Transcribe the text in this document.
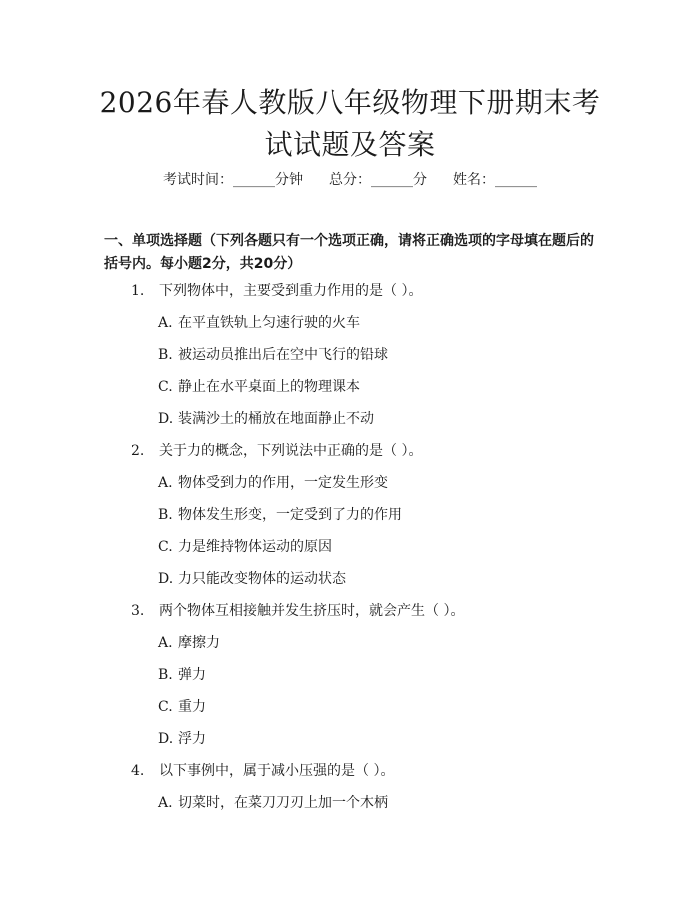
2026年春人教版八年级物理下册期末考试试题及答案
考试时间：______分钟 总分：______分 姓名：______
一、单项选择题（下列各题只有一个选项正确，请将正确选项的字母填在题后的括号内。每小题2分，共20分）
1. 下列物体中，主要受到重力作用的是（ ）。
A. 在平直铁轨上匀速行驶的火车
B. 被运动员推出后在空中飞行的铅球
C. 静止在水平桌面上的物理课本
D. 装满沙土的桶放在地面静止不动
2. 关于力的概念，下列说法中正确的是（ ）。
A. 物体受到力的作用，一定发生形变
B. 物体发生形变，一定受到了力的作用
C. 力是维持物体运动的原因
D. 力只能改变物体的运动状态
3. 两个物体互相接触并发生挤压时，就会产生（ ）。
A. 摩擦力
B. 弹力
C. 重力
D. 浮力
4. 以下事例中，属于减小压强的是（ ）。
A. 切菜时，在菜刀刀刃上加一个木柄
